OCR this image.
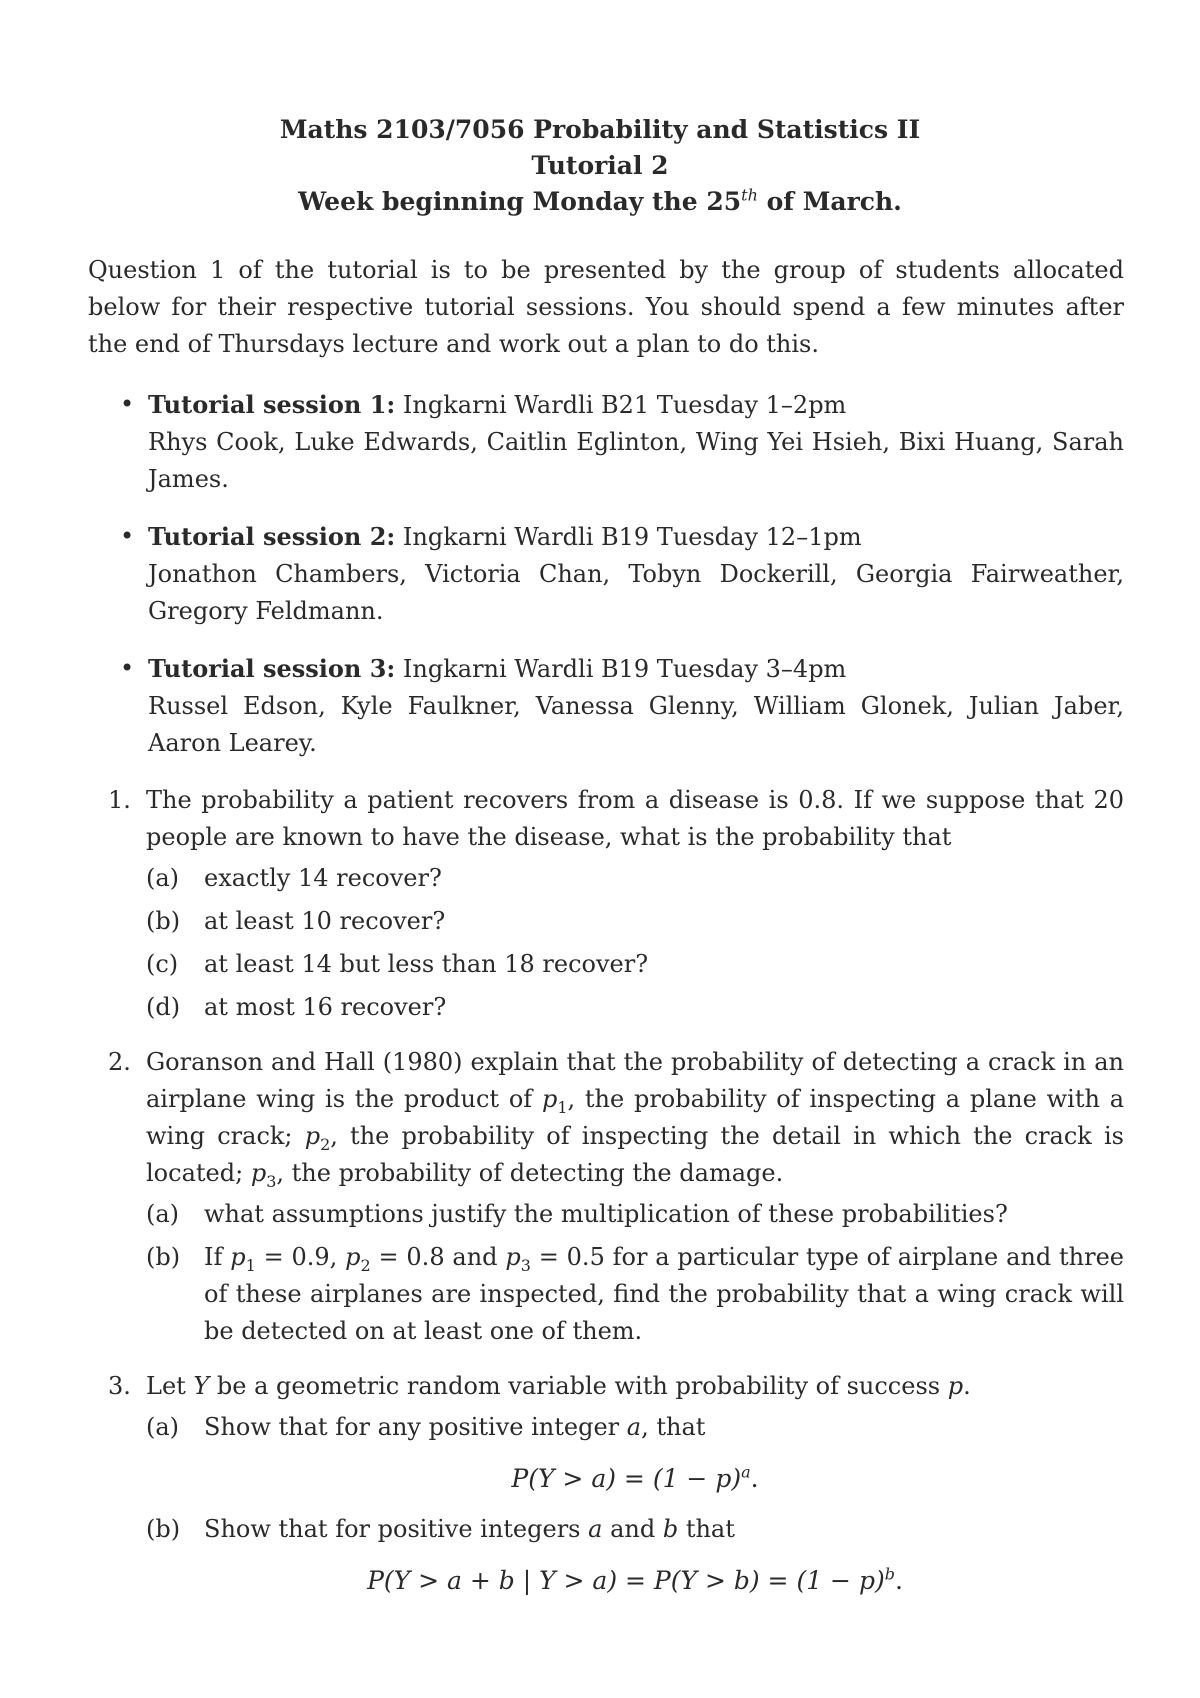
Maths 2103/7056 Probability and Statistics II
Tutorial 2
Week beginning Monday the 25th of March.
Question 1 of the tutorial is to be presented by the group of students allocated below for their respective tutorial sessions. You should spend a few minutes after the end of Thursdays lecture and work out a plan to do this.
• Tutorial session 1: Ingkarni Wardli B21 Tuesday 1–2pm
Rhys Cook, Luke Edwards, Caitlin Eglinton, Wing Yei Hsieh, Bixi Huang, Sarah James.
• Tutorial session 2: Ingkarni Wardli B19 Tuesday 12–1pm
Jonathon Chambers, Victoria Chan, Tobyn Dockerill, Georgia Fairweather, Gregory Feldmann.
• Tutorial session 3: Ingkarni Wardli B19 Tuesday 3–4pm
Russel Edson, Kyle Faulkner, Vanessa Glenny, William Glonek, Julian Jaber, Aaron Learey.
1. The probability a patient recovers from a disease is 0.8. If we suppose that 20 people are known to have the disease, what is the probability that
(a) exactly 14 recover?
(b) at least 10 recover?
(c) at least 14 but less than 18 recover?
(d) at most 16 recover?
2. Goranson and Hall (1980) explain that the probability of detecting a crack in an airplane wing is the product of $p_1$, the probability of inspecting a plane with a wing crack; $p_2$, the probability of inspecting the detail in which the crack is located; $p_3$, the probability of detecting the damage.
(a) what assumptions justify the multiplication of these probabilities?
(b) If $p_1 = 0.9$, $p_2 = 0.8$ and $p_3 = 0.5$ for a particular type of airplane and three of these airplanes are inspected, find the probability that a wing crack will be detected on at least one of them.
3. Let Y be a geometric random variable with probability of success p.
(a) Show that for any positive integer a, that
$P(Y > a) = (1 - p)^a$.
(b) Show that for positive integers a and b that
P(Y > a + b | $Y > a) = P(Y > b) = (1 - p)^b$.
